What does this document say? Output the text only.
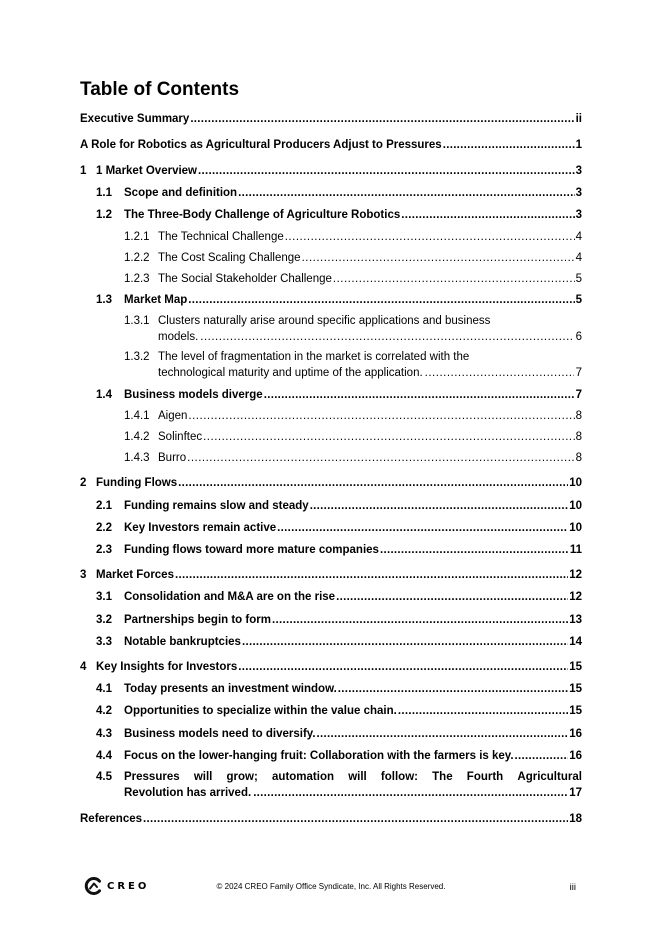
Table of Contents
Executive Summary .....	ii
A Role for Robotics as Agricultural Producers Adjust to Pressures .....	1
1 1 Market Overview .....	3
1.1	Scope and definition .....	3
1.2	The Three-Body Challenge of Agriculture Robotics .....	3
1.2.1 The Technical Challenge .....	4
1.2.2 The Cost Scaling Challenge .....	4
1.2.3 The Social Stakeholder Challenge .....	5
1.3	Market Map .....	5
1.3.1 Clusters naturally arise around specific applications and business
models. .....	6
1.3.2 The level of fragmentation in the market is correlated with the
technological maturity and uptime of the application. .....	7
1.4	Business models diverge .....	7
1.4.1 Aigen .....	8
1.4.2 Solinftec .....	8
1.4.3 Burro .....	8
2 Funding Flows .....	10
2.1	Funding remains slow and steady .....	10
2.2	Key Investors remain active .....	10
2.3	Funding flows toward more mature companies .....	11
3 Market Forces .....	12
3.1	Consolidation and M&A are on the rise .....	12
3.2	Partnerships begin to form .....	13
3.3	Notable bankruptcies .....	14
4 Key Insights for Investors .....	15
4.1	Today presents an investment window. .....	15
4.2	Opportunities to specialize within the value chain. .....	15
4.3	Business models need to diversify. .....	16
4.4	Focus on the lower-hanging fruit: Collaboration with the farmers is key. .....	16
4.5 Pressures will grow; automation will follow: The Fourth Agricultural
Revolution has arrived. .....	17
References .....	18
CREO	© 2024 CREO Family Office Syndicate, Inc. All Rights Reserved.	iii
